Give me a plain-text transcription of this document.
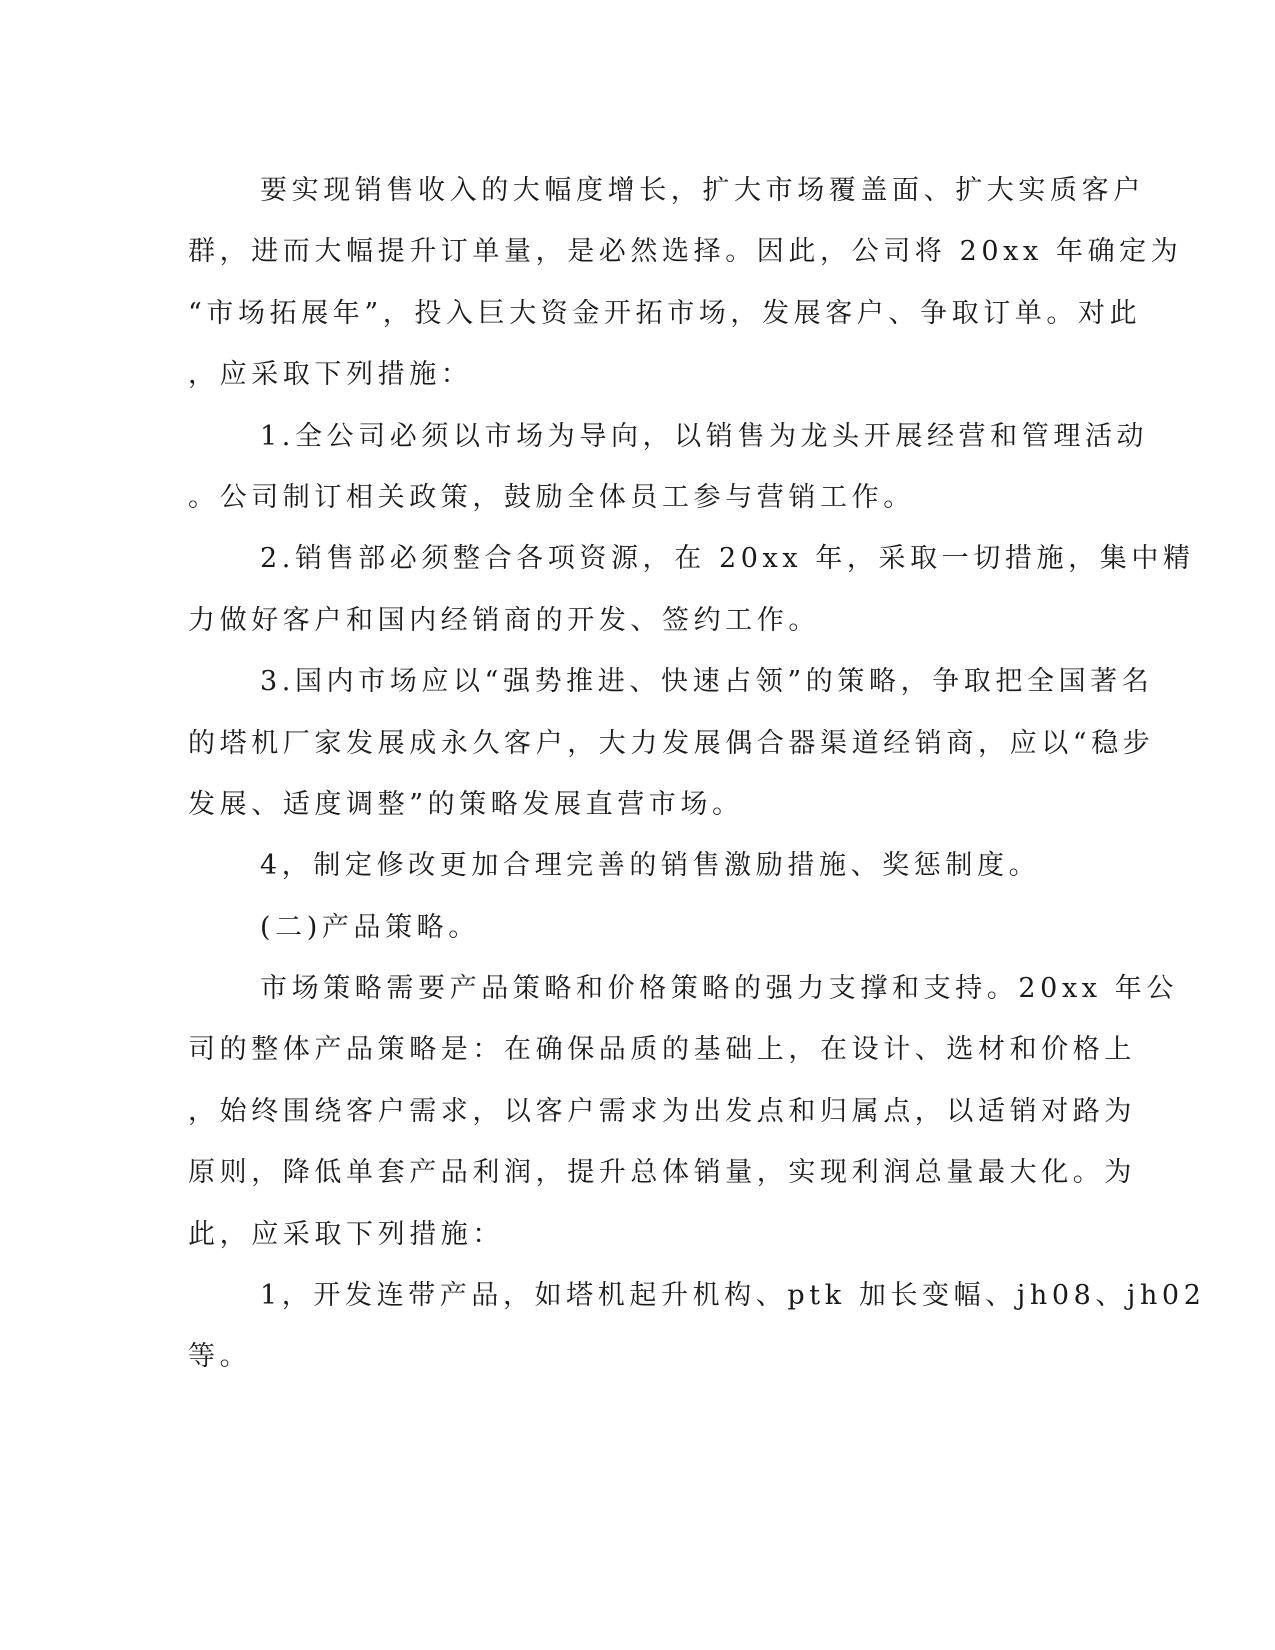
要实现销售收入的大幅度增长，扩大市场覆盖面、扩大实质客户
群，进而大幅提升订单量，是必然选择。因此，公司将 20xx 年确定为
“市场拓展年”，投入巨大资金开拓市场，发展客户、争取订单。对此
，应采取下列措施：
1.全公司必须以市场为导向，以销售为龙头开展经营和管理活动
。公司制订相关政策，鼓励全体员工参与营销工作。
2.销售部必须整合各项资源，在 20xx 年，采取一切措施，集中精
力做好客户和国内经销商的开发、签约工作。
3.国内市场应以“强势推进、快速占领”的策略，争取把全国著名
的塔机厂家发展成永久客户，大力发展偶合器渠道经销商，应以“稳步
发展、适度调整”的策略发展直营市场。
4，制定修改更加合理完善的销售激励措施、奖惩制度。
(二)产品策略。
市场策略需要产品策略和价格策略的强力支撑和支持。20xx 年公
司的整体产品策略是：在确保品质的基础上，在设计、选材和价格上
，始终围绕客户需求，以客户需求为出发点和归属点，以适销对路为
原则，降低单套产品利润，提升总体销量，实现利润总量最大化。为
此，应采取下列措施：
1，开发连带产品，如塔机起升机构、ptk 加长变幅、jh08、jh02
等。
